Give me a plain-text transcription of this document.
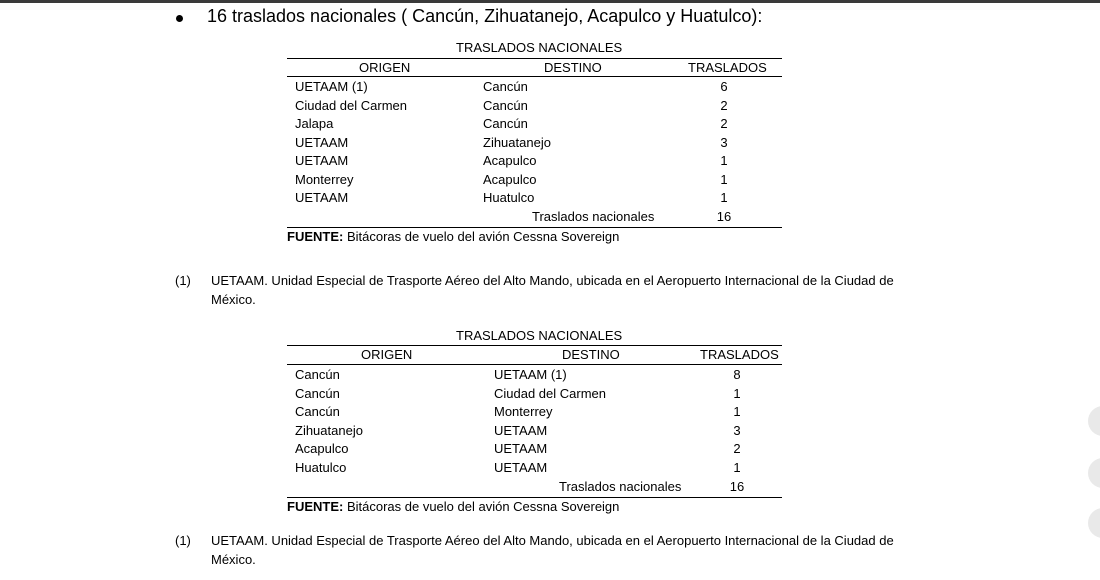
16 traslados nacionales ( Cancún, Zihuatanejo, Acapulco y Huatulco):
TRASLADOS NACIONALES
ORIGEN	DESTINO	TRASLADOS
UETAAM (1)	Cancún	6
Ciudad del Carmen	Cancún	2
Jalapa	Cancún	2
UETAAM	Zihuatanejo	3
UETAAM	Acapulco	1
Monterrey	Acapulco	1
UETAAM	Huatulco	1
Traslados nacionales	16
FUENTE: Bitácoras de vuelo del avión Cessna Sovereign
(1) UETAAM. Unidad Especial de Trasporte Aéreo del Alto Mando, ubicada en el Aeropuerto Internacional de la Ciudad de México.
TRASLADOS NACIONALES
ORIGEN	DESTINO	TRASLADOS
Cancún	UETAAM (1)	8
Cancún	Ciudad del Carmen	1
Cancún	Monterrey	1
Zihuatanejo	UETAAM	3
Acapulco	UETAAM	2
Huatulco	UETAAM	1
Traslados nacionales	16
FUENTE: Bitácoras de vuelo del avión Cessna Sovereign
(1) UETAAM. Unidad Especial de Trasporte Aéreo del Alto Mando, ubicada en el Aeropuerto Internacional de la Ciudad de México.
